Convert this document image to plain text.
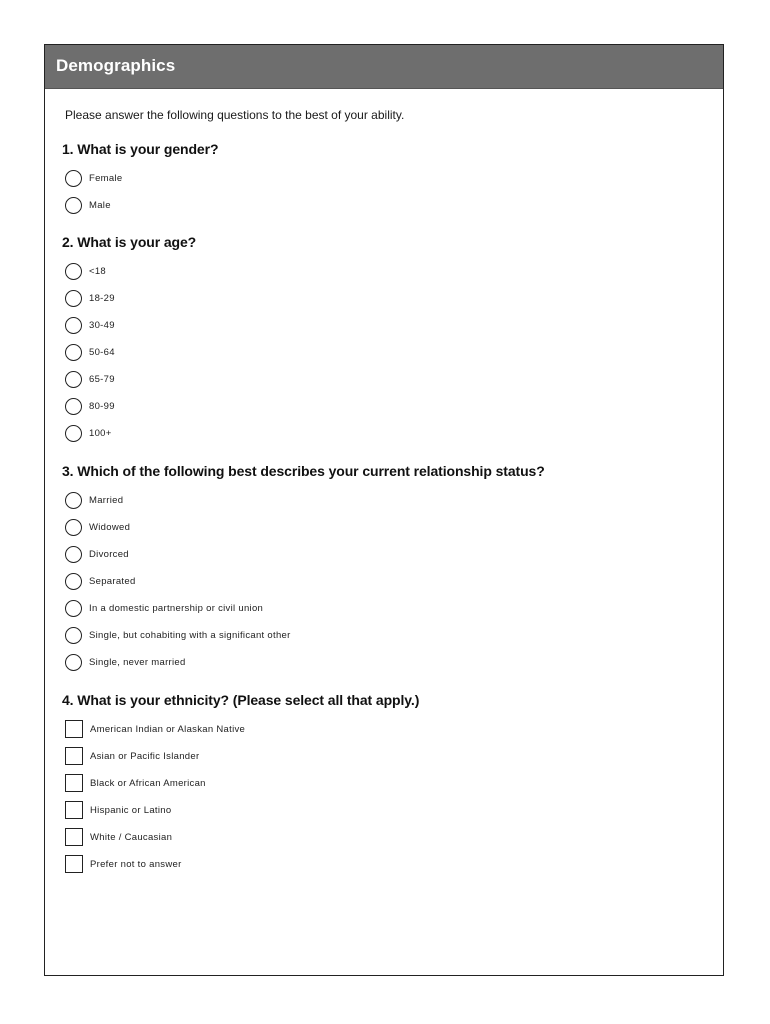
Demographics
Please answer the following questions to the best of your ability.
1. What is your gender?
Female
Male
2. What is your age?
<18
18-29
30-49
50-64
65-79
80-99
100+
3. Which of the following best describes your current relationship status?
Married
Widowed
Divorced
Separated
In a domestic partnership or civil union
Single, but cohabiting with a significant other
Single, never married
4. What is your ethnicity? (Please select all that apply.)
American Indian or Alaskan Native
Asian or Pacific Islander
Black or African American
Hispanic or Latino
White / Caucasian
Prefer not to answer
